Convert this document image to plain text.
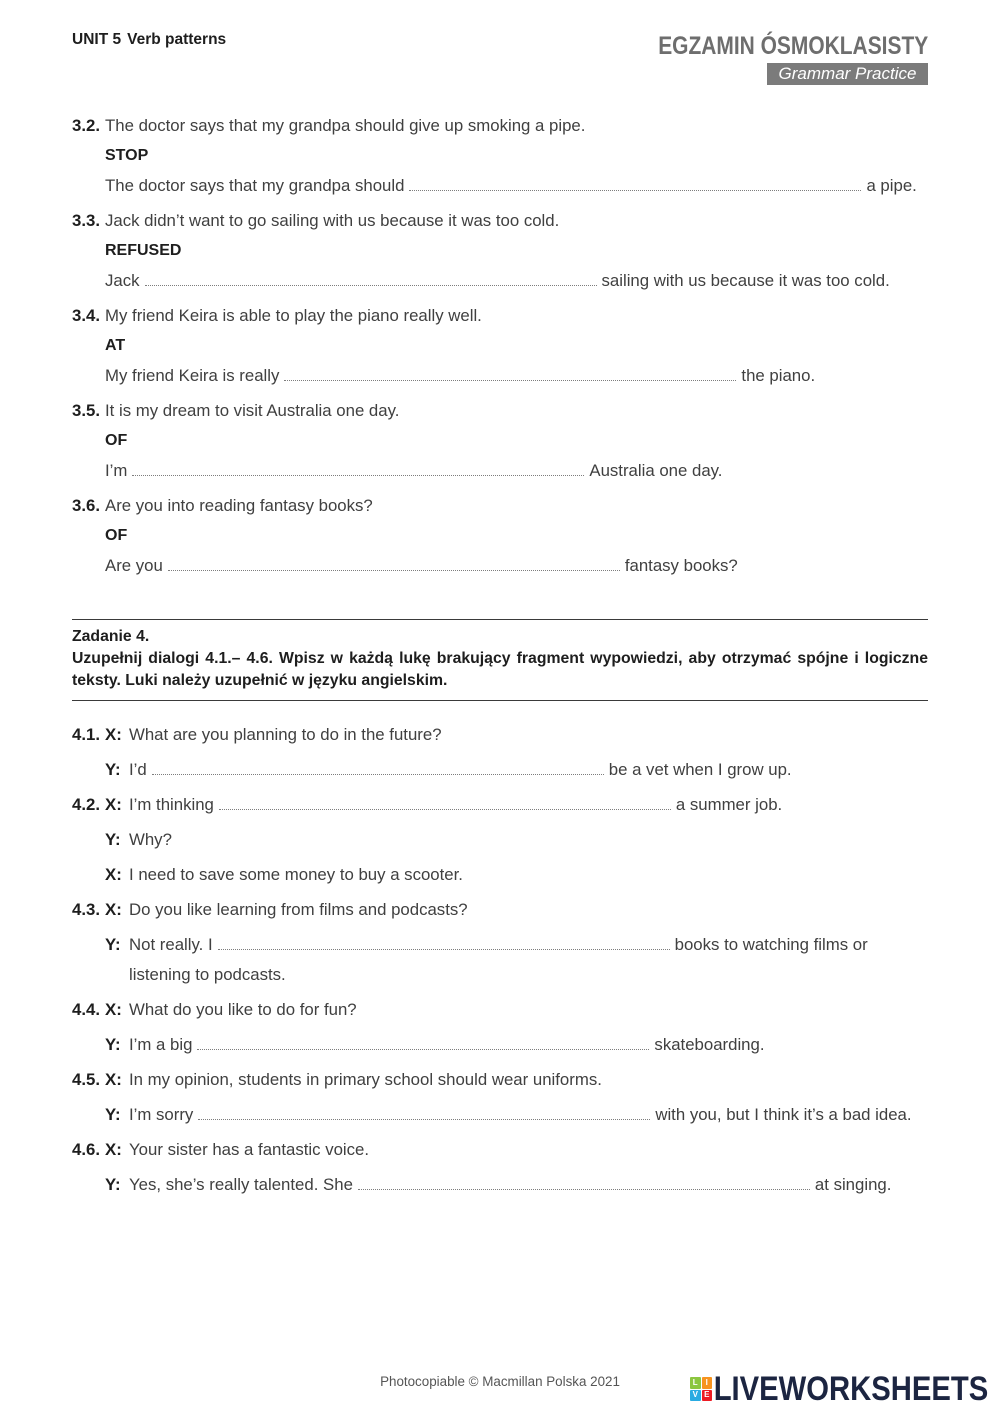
UNIT 5 Verb patterns	EGZAMIN ÓSMOKLASISTY
Grammar Practice
3.2. The doctor says that my grandpa should give up smoking a pipe.
STOP
The doctor says that my grandpa should	a pipe.
3.3. Jack didn’t want to go sailing with us because it was too cold.
REFUSED
Jack	sailing with us because it was too cold.
3.4. My friend Keira is able to play the piano really well.
AT
My friend Keira is really	the piano.
3.5. It is my dream to visit Australia one day.
OF
I’m	Australia one day.
3.6. Are you into reading fantasy books?
OF
Are you	fantasy books?
Zadanie 4.
Uzupełnij dialogi 4.1.– 4.6. Wpisz w każdą lukę brakujący fragment wypowiedzi, aby otrzymać spójne i logiczne
teksty. Luki należy uzupełnić w języku angielskim.
4.1. X: What are you planning to do in the future?
Y: I’d	be a vet when I grow up.
4.2. X: I’m thinking	a summer job.
Y: Why?
X: I need to save some money to buy a scooter.
4.3. X: Do you like learning from films and podcasts?
Y: Not really. I	books to watching films or
listening to podcasts.
4.4. X: What do you like to do for fun?
Y: I’m a big	skateboarding.
4.5. X: In my opinion, students in primary school should wear uniforms.
Y: I’m sorry	with you, but I think it’s a bad idea.
4.6. X: Your sister has a fantastic voice.
Y: Yes, she’s really talented. She	at singing.
Photocopiable © Macmillan Polska 2021	L I
V E LIVEWORKSHEETS
